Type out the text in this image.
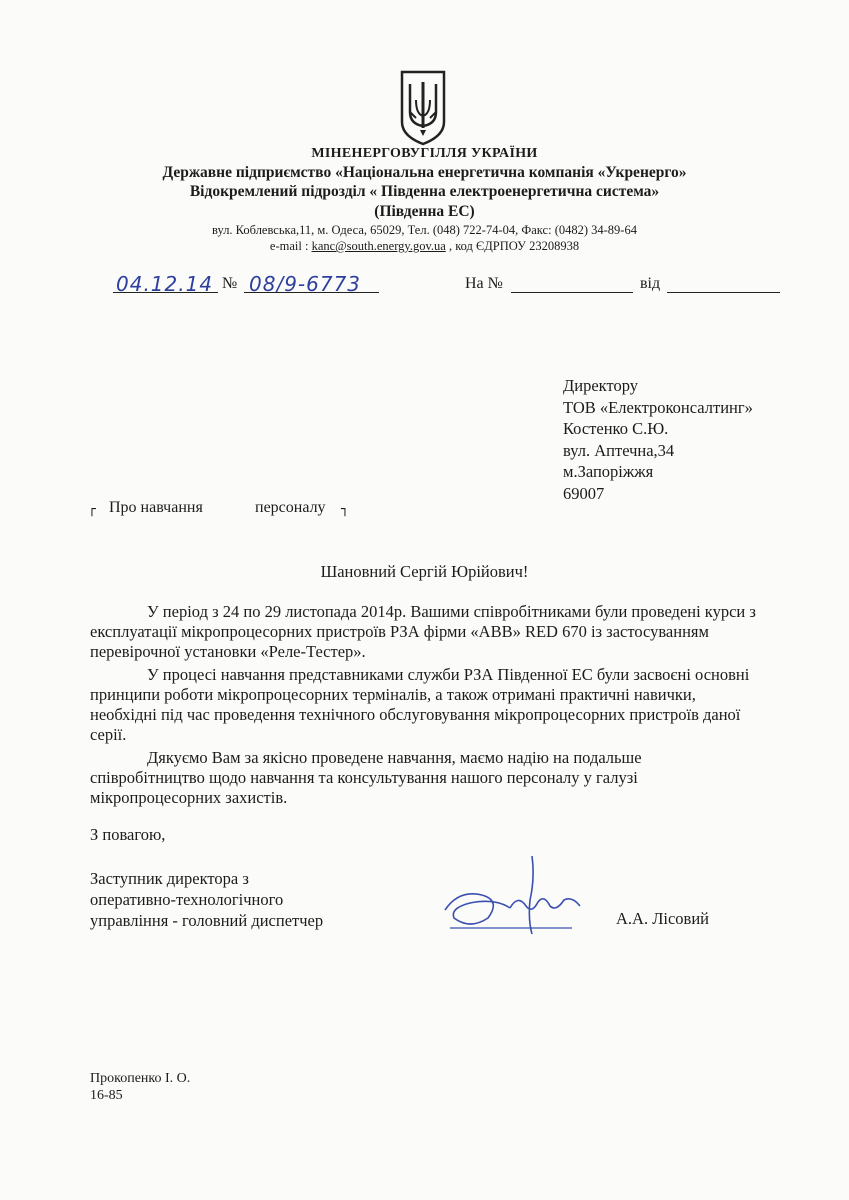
МІНЕНЕРГОВУГІЛЛЯ УКРАЇНИ
Державне підприємство «Національна енергетична компанія «Укренерго»
Відокремлений підрозділ « Південна електроенергетична система»
(Південна ЕС)
вул. Коблевська,11, м. Одеса, 65029, Тел. (048) 722-74-04, Факс: (0482) 34-89-64
e-mail : kanc@south.energy.gov.ua , код ЄДРПОУ 23208938
04.12.14 № 08/9-6773	На №	від
Директору
ТОВ «Електроконсалтинг»
Костенко С.Ю.
вул. Аптечна,34
м.Запоріжжя
69007
┌ Про навчання	персоналу ┐
Шановний Сергій Юрійович!
У період з 24 по 29 листопада 2014р. Вашими співробітниками були проведені курси з
експлуатації мікропроцесорних пристроїв РЗА фірми «АВВ» RED 670 із застосуванням
перевірочної установки «Реле-Тестер».
У процесі навчання представниками служби РЗА Південної ЕС були засвоєні основні
принципи роботи мікропроцесорних терміналів, а також отримані практичні навички,
необхідні під час проведення технічного обслуговування мікропроцесорних пристроїв даної
серії.
Дякуємо Вам за якісно проведене навчання, маємо надію на подальше
співробітництво щодо навчання та консультування нашого персоналу у галузі
мікропроцесорних захистів.
З повагою,
Заступник директора з
оперативно-технологічного
управління - головний диспетчер	А.А. Лісовий
Прокопенко І. О.
16-85
